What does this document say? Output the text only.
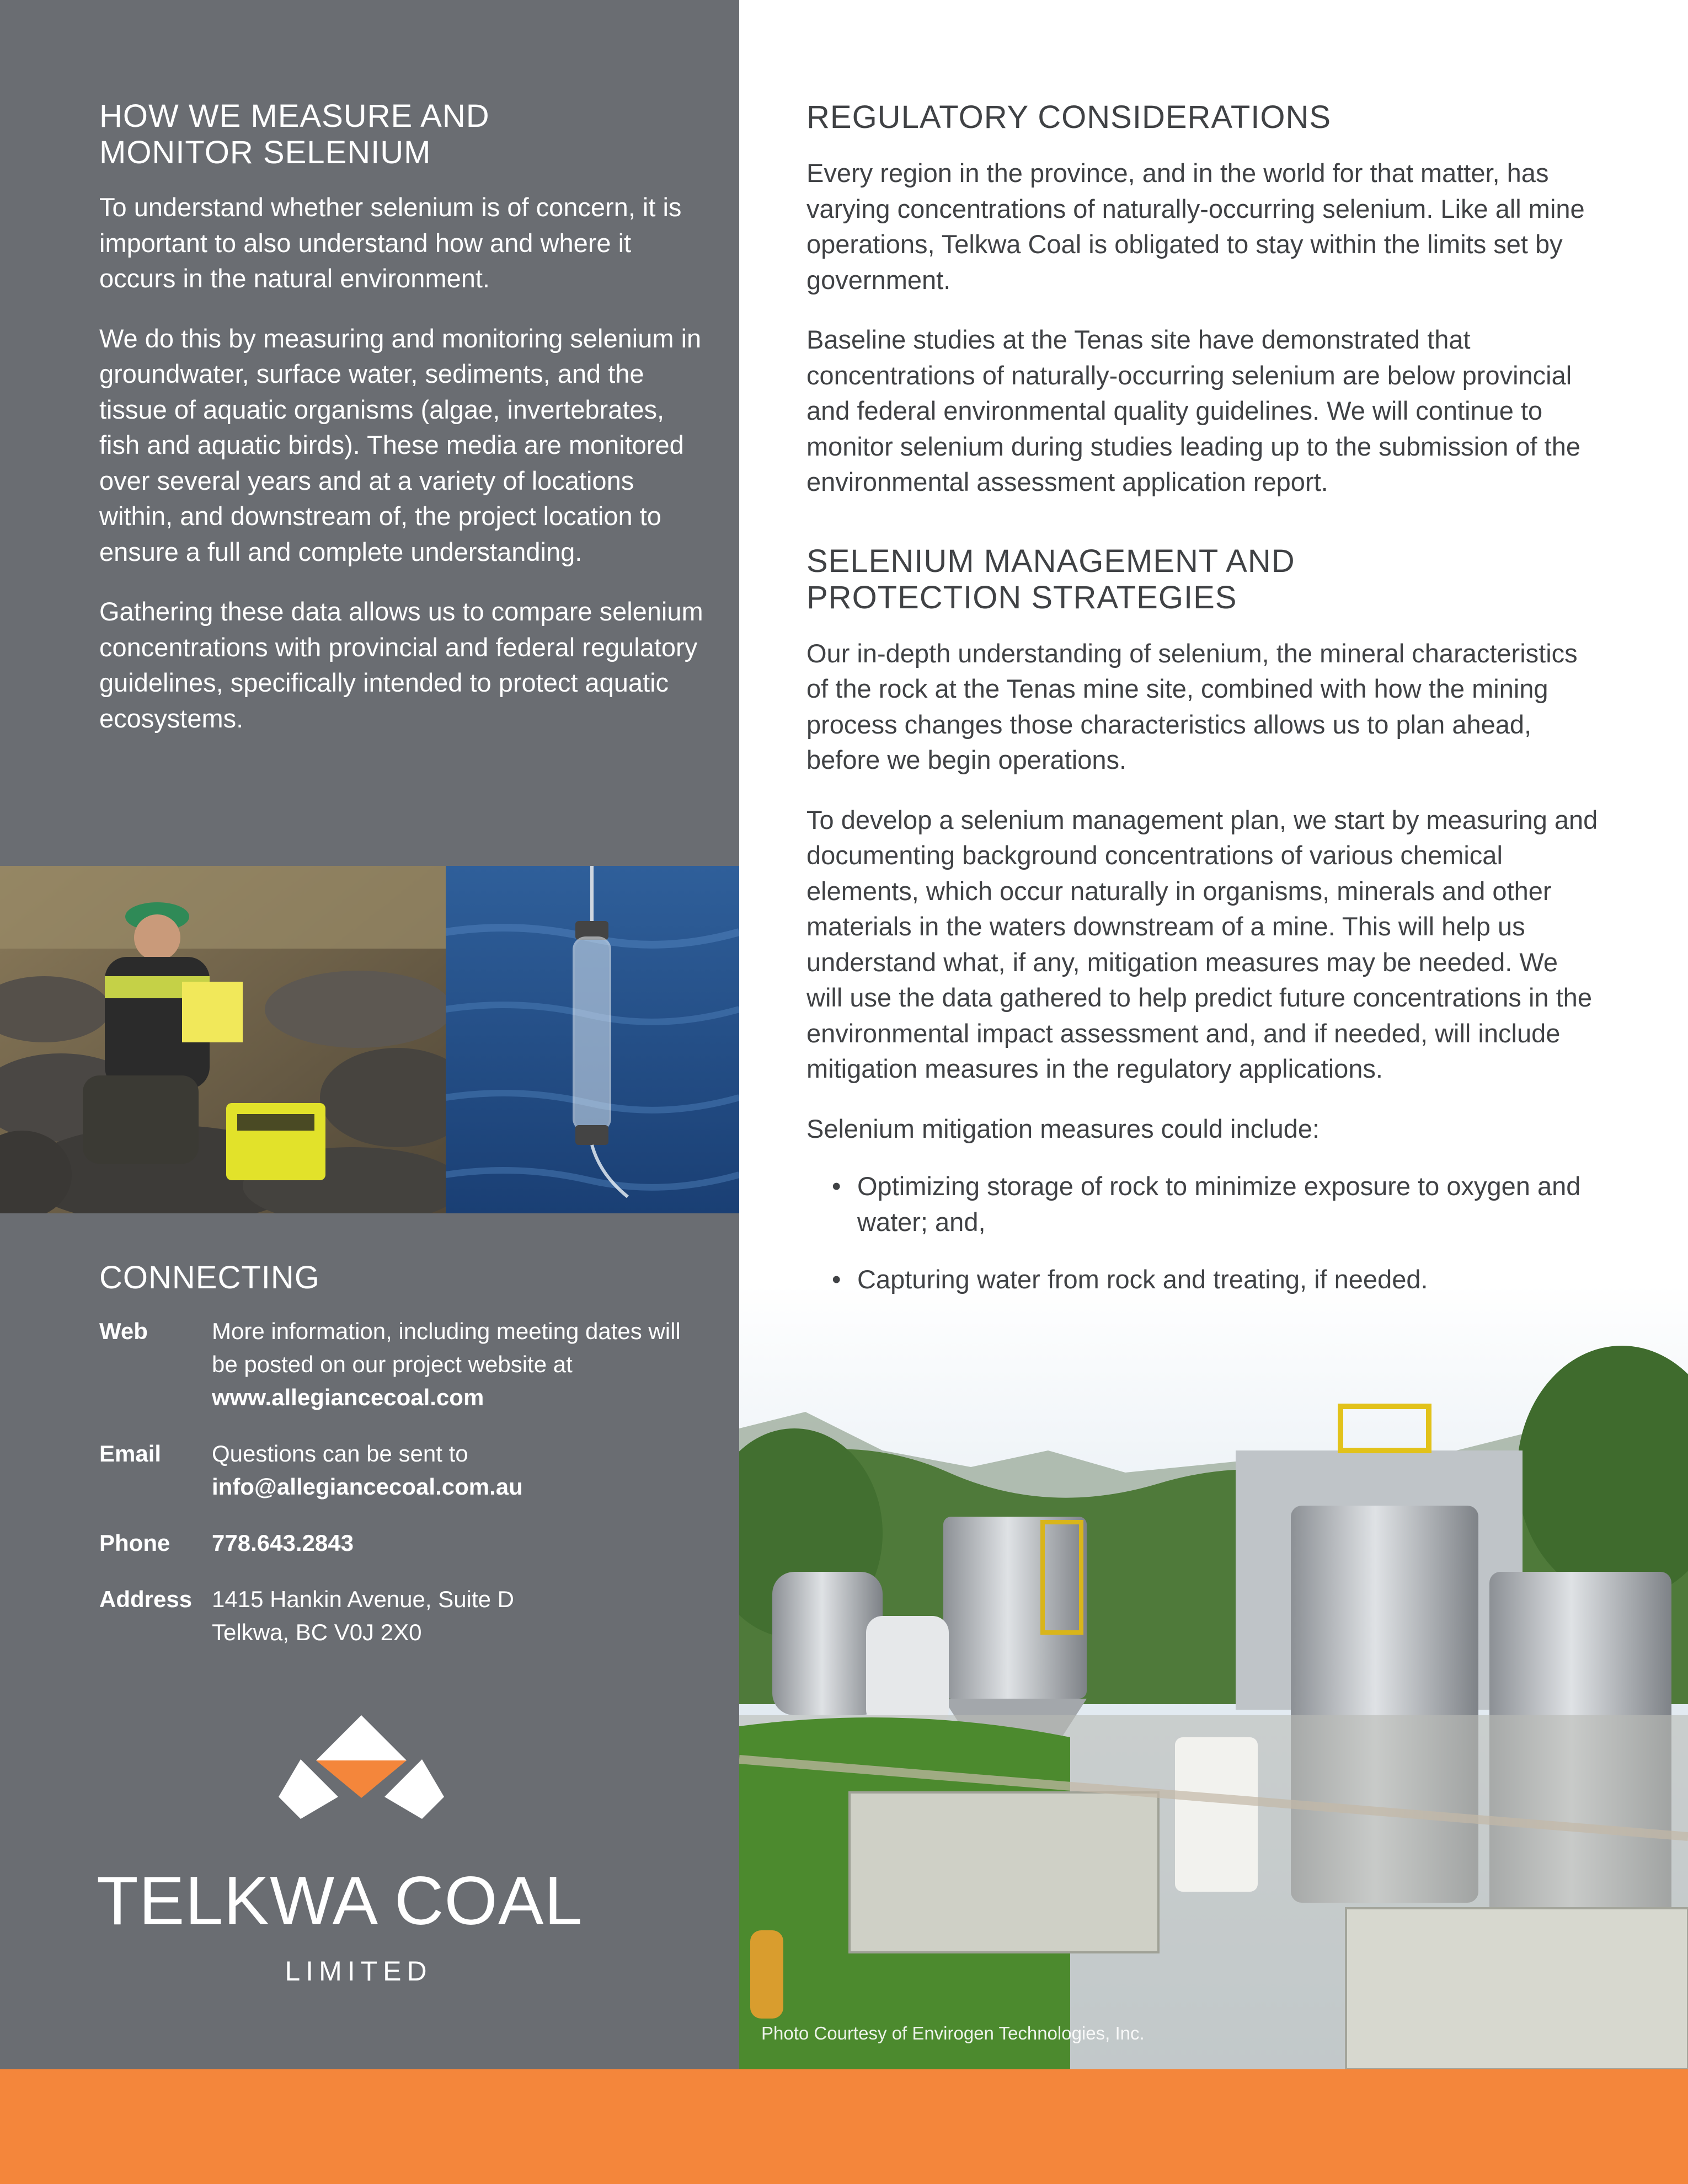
HOW WE MEASURE AND
MONITOR SELENIUM

To understand whether selenium is of concern, it is important to also understand how and where it occurs in the natural environment.

We do this by measuring and monitoring selenium in groundwater, surface water, sediments, and the tissue of aquatic organisms (algae, invertebrates, fish and aquatic birds). These media are monitored over several years and at a variety of locations within, and downstream of, the project location to ensure a full and complete understanding.

Gathering these data allows us to compare selenium concentrations with provincial and federal regulatory guidelines, specifically intended to protect aquatic ecosystems.

CONNECTING
Web	More information, including meeting dates will be posted on our project website at www.allegiancecoal.com
Email	Questions can be sent to
info@allegiancecoal.com.au
Phone	778.643.2843
Address 1415 Hankin Avenue, Suite D
Telkwa, BC V0J 2X0
TELKWA COAL
LIMITED
REGULATORY CONSIDERATIONS

Every region in the province, and in the world for that matter, has varying concentrations of naturally-occurring selenium. Like all mine operations, Telkwa Coal is obligated to stay within the limits set by government.

Baseline studies at the Tenas site have demonstrated that concentrations of naturally-occurring selenium are below provincial and federal environmental quality guidelines. We will continue to monitor selenium during studies leading up to the submission of the environmental assessment application report.

SELENIUM MANAGEMENT AND
PROTECTION STRATEGIES

Our in-depth understanding of selenium, the mineral characteristics of the rock at the Tenas mine site, combined with how the mining process changes those characteristics allows us to plan ahead, before we begin operations.

To develop a selenium management plan, we start by measuring and documenting background concentrations of various chemical elements, which occur naturally in organisms, minerals and other materials in the waters downstream of a mine. This will help us understand what, if any, mitigation measures may be needed. We will use the data gathered to help predict future concentrations in the environmental impact assessment and, and if needed, will include mitigation measures in the regulatory applications.

Selenium mitigation measures could include:

• Optimizing storage of rock to minimize exposure to oxygen and water; and,
• Capturing water from rock and treating, if needed.
Photo Courtesy of Envirogen Technologies, Inc.
